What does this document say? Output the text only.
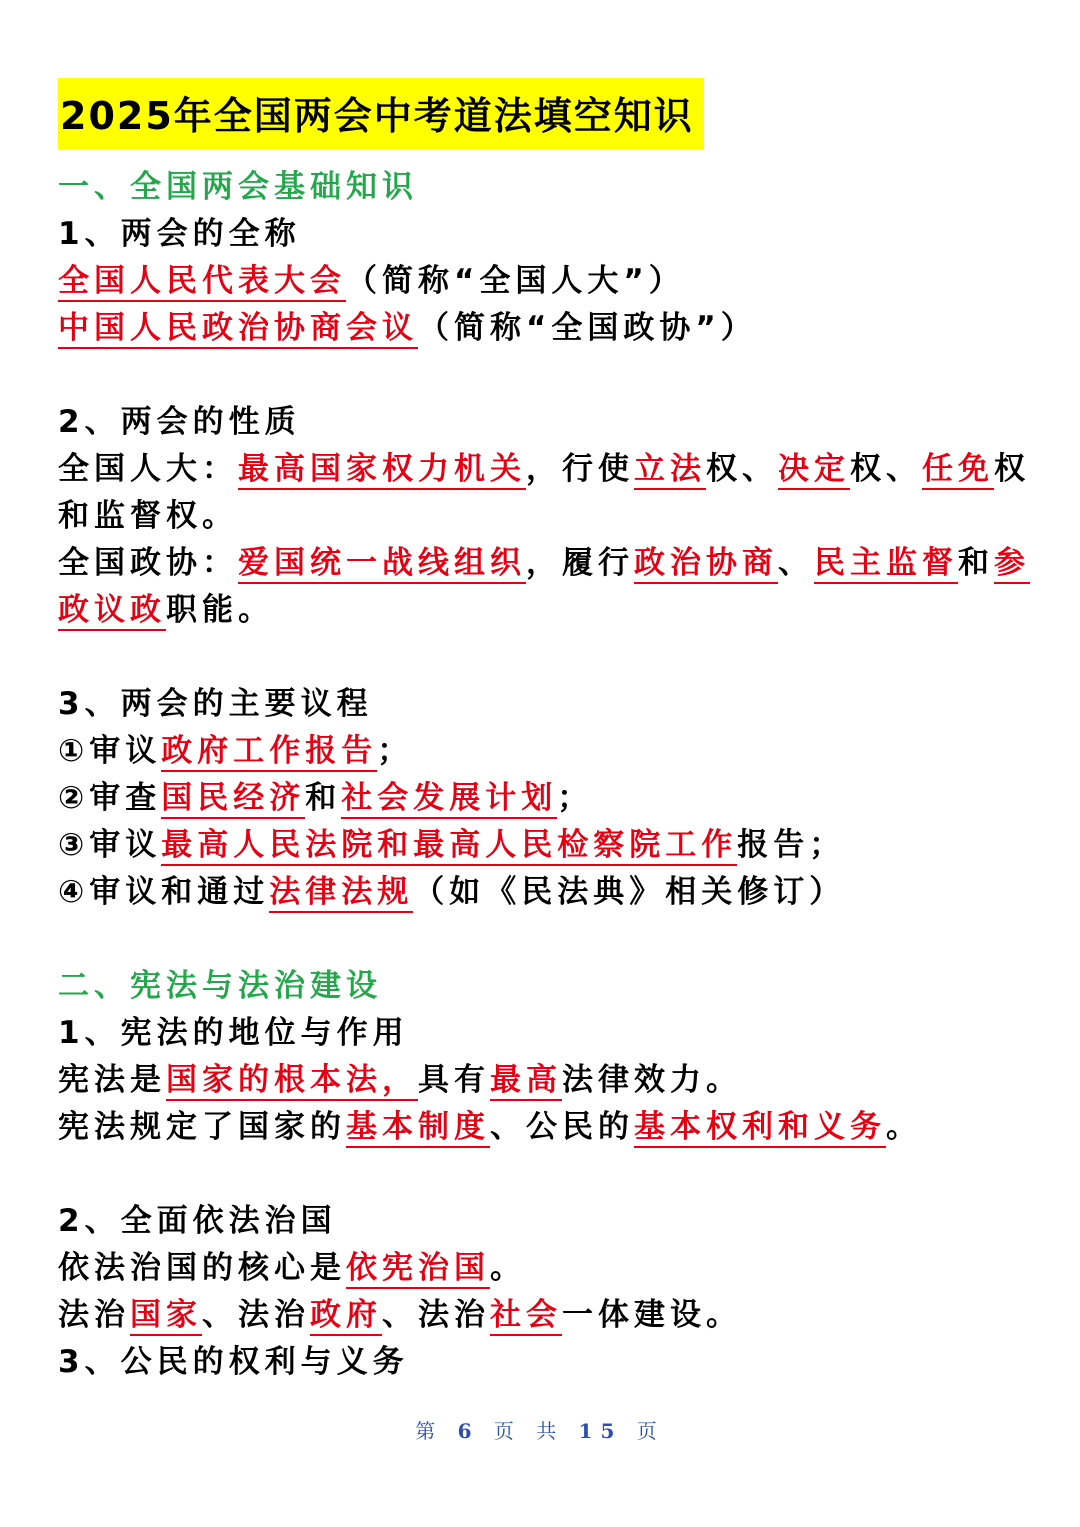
2025年全国两会中考道法填空知识
一、全国两会基础知识
1、两会的全称
全国人民代表大会（简称“全国人大”）
中国人民政治协商会议（简称“全国政协”）
2、两会的性质
全国人大：最高国家权力机关，行使立法权、决定权、任免权和监督权。
全国政协：爱国统一战线组织，履行政治协商、民主监督和参政议政职能。
3、两会的主要议程
①审议政府工作报告；
②审查国民经济和社会发展计划；
③审议最高人民法院和最高人民检察院工作报告；
④审议和通过法律法规（如《民法典》相关修订）
二、宪法与法治建设
1、宪法的地位与作用
宪法是国家的根本法，具有最高法律效力。
宪法规定了国家的基本制度、公民的基本权利和义务。
2、全面依法治国
依法治国的核心是依宪治国。
法治国家、法治政府、法治社会一体建设。
3、公民的权利与义务
第 6 页 共 15 页
